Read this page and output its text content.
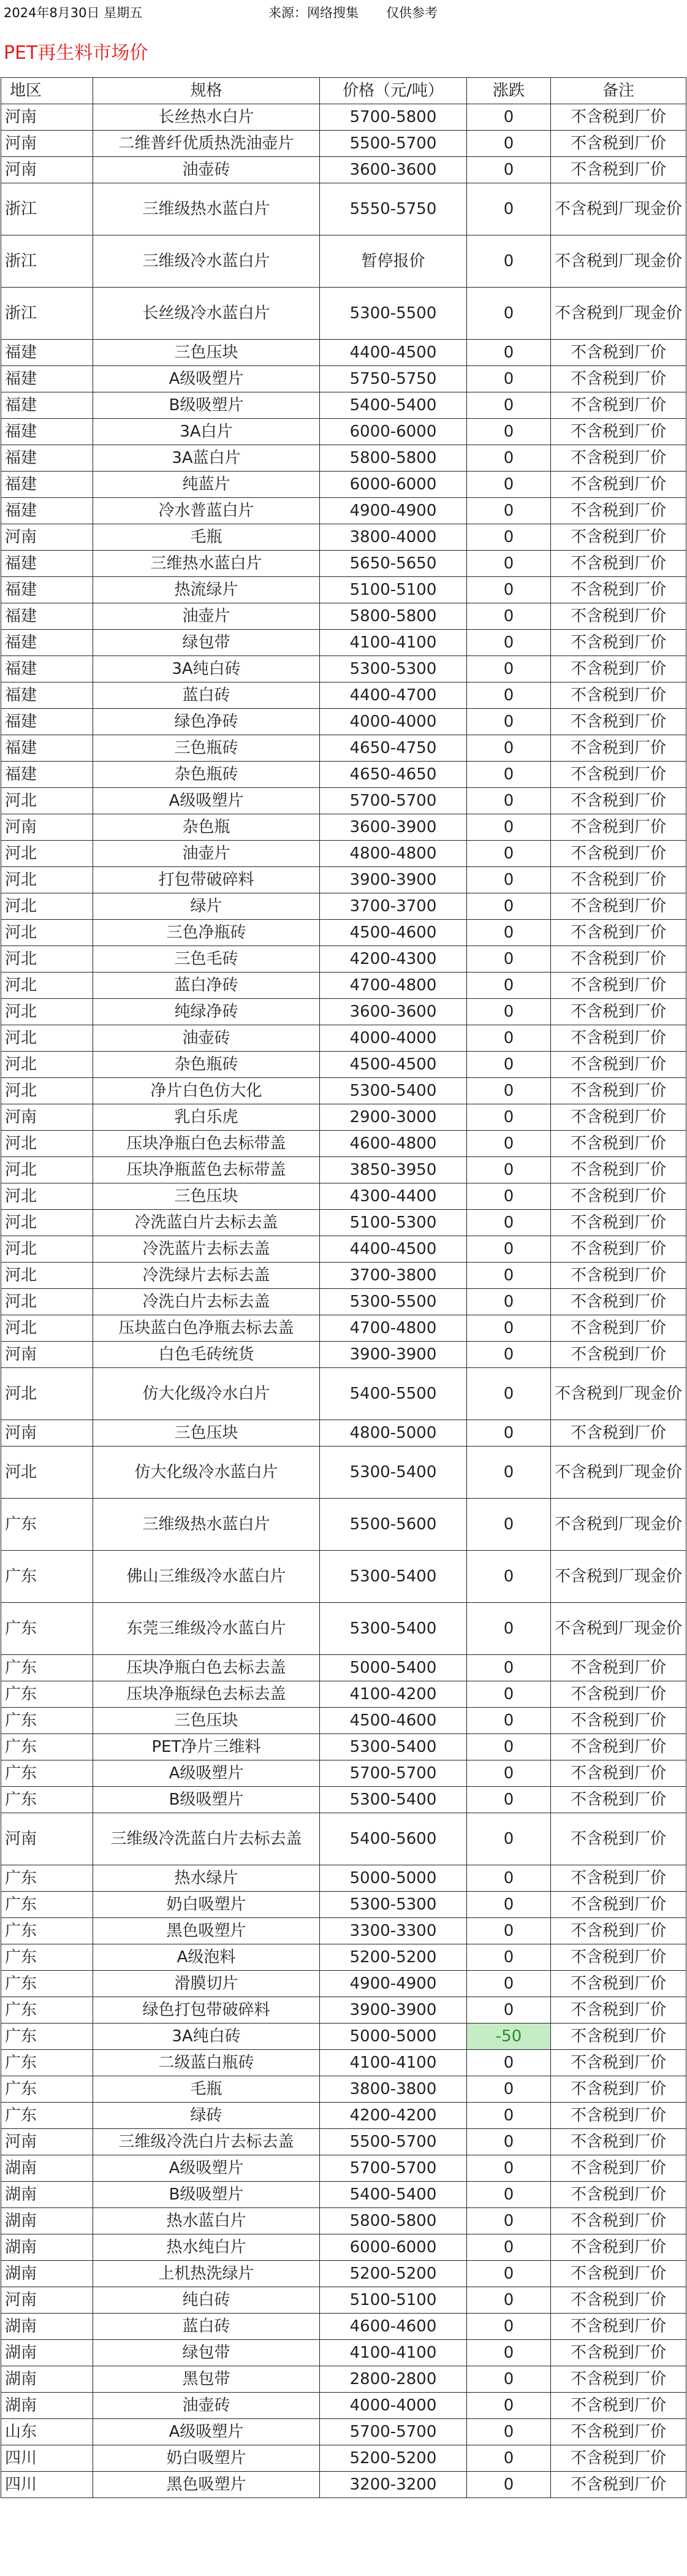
2024年8月30日 星期五	来源：网络搜集	仅供参考
PET再生料市场价
地区	规格	价格（元/吨）	涨跌	备注
河南	长丝热水白片	5700-5800	0	不含税到厂价
河南	二维普纤优质热洗油壶片	5500-5700	0	不含税到厂价
河南	油壶砖	3600-3600	0	不含税到厂价
浙江	三维级热水蓝白片	5550-5750	0	不含税到厂现金价
浙江	三维级冷水蓝白片	暂停报价	0	不含税到厂现金价
浙江	长丝级冷水蓝白片	5300-5500	0	不含税到厂现金价
福建	三色压块	4400-4500	0	不含税到厂价
福建	A级吸塑片	5750-5750	0	不含税到厂价
福建	B级吸塑片	5400-5400	0	不含税到厂价
福建	3A白片	6000-6000	0	不含税到厂价
福建	3A蓝白片	5800-5800	0	不含税到厂价
福建	纯蓝片	6000-6000	0	不含税到厂价
福建	冷水普蓝白片	4900-4900	0	不含税到厂价
河南	毛瓶	3800-4000	0	不含税到厂价
福建	三维热水蓝白片	5650-5650	0	不含税到厂价
福建	热流绿片	5100-5100	0	不含税到厂价
福建	油壶片	5800-5800	0	不含税到厂价
福建	绿包带	4100-4100	0	不含税到厂价
福建	3A纯白砖	5300-5300	0	不含税到厂价
福建	蓝白砖	4400-4700	0	不含税到厂价
福建	绿色净砖	4000-4000	0	不含税到厂价
福建	三色瓶砖	4650-4750	0	不含税到厂价
福建	杂色瓶砖	4650-4650	0	不含税到厂价
河北	A级吸塑片	5700-5700	0	不含税到厂价
河南	杂色瓶	3600-3900	0	不含税到厂价
河北	油壶片	4800-4800	0	不含税到厂价
河北	打包带破碎料	3900-3900	0	不含税到厂价
河北	绿片	3700-3700	0	不含税到厂价
河北	三色净瓶砖	4500-4600	0	不含税到厂价
河北	三色毛砖	4200-4300	0	不含税到厂价
河北	蓝白净砖	4700-4800	0	不含税到厂价
河北	纯绿净砖	3600-3600	0	不含税到厂价
河北	油壶砖	4000-4000	0	不含税到厂价
河北	杂色瓶砖	4500-4500	0	不含税到厂价
河北	净片白色仿大化	5300-5400	0	不含税到厂价
河南	乳白乐虎	2900-3000	0	不含税到厂价
河北	压块净瓶白色去标带盖	4600-4800	0	不含税到厂价
河北	压块净瓶蓝色去标带盖	3850-3950	0	不含税到厂价
河北	三色压块	4300-4400	0	不含税到厂价
河北	冷洗蓝白片去标去盖	5100-5300	0	不含税到厂价
河北	冷洗蓝片去标去盖	4400-4500	0	不含税到厂价
河北	冷洗绿片去标去盖	3700-3800	0	不含税到厂价
河北	冷洗白片去标去盖	5300-5500	0	不含税到厂价
河北	压块蓝白色净瓶去标去盖	4700-4800	0	不含税到厂价
河南	白色毛砖统货	3900-3900	0	不含税到厂价
河北	仿大化级冷水白片	5400-5500	0	不含税到厂现金价
河南	三色压块	4800-5000	0	不含税到厂价
河北	仿大化级冷水蓝白片	5300-5400	0	不含税到厂现金价
广东	三维级热水蓝白片	5500-5600	0	不含税到厂现金价
广东	佛山三维级冷水蓝白片	5300-5400	0	不含税到厂现金价
广东	东莞三维级冷水蓝白片	5300-5400	0	不含税到厂现金价
广东	压块净瓶白色去标去盖	5000-5400	0	不含税到厂价
广东	压块净瓶绿色去标去盖	4100-4200	0	不含税到厂价
广东	三色压块	4500-4600	0	不含税到厂价
广东	PET净片三维料	5300-5400	0	不含税到厂价
广东	A级吸塑片	5700-5700	0	不含税到厂价
广东	B级吸塑片	5300-5400	0	不含税到厂价
河南	三维级冷洗蓝白片去标去盖	5400-5600	0	不含税到厂价
广东	热水绿片	5000-5000	0	不含税到厂价
广东	奶白吸塑片	5300-5300	0	不含税到厂价
广东	黑色吸塑片	3300-3300	0	不含税到厂价
广东	A级泡料	5200-5200	0	不含税到厂价
广东	滑膜切片	4900-4900	0	不含税到厂价
广东	绿色打包带破碎料	3900-3900	0	不含税到厂价
广东	3A纯白砖	5000-5000	-50	不含税到厂价
广东	二级蓝白瓶砖	4100-4100	0	不含税到厂价
广东	毛瓶	3800-3800	0	不含税到厂价
广东	绿砖	4200-4200	0	不含税到厂价
河南	三维级冷洗白片去标去盖	5500-5700	0	不含税到厂价
湖南	A级吸塑片	5700-5700	0	不含税到厂价
湖南	B级吸塑片	5400-5400	0	不含税到厂价
湖南	热水蓝白片	5800-5800	0	不含税到厂价
湖南	热水纯白片	6000-6000	0	不含税到厂价
湖南	上机热洗绿片	5200-5200	0	不含税到厂价
河南	纯白砖	5100-5100	0	不含税到厂价
湖南	蓝白砖	4600-4600	0	不含税到厂价
湖南	绿包带	4100-4100	0	不含税到厂价
湖南	黑包带	2800-2800	0	不含税到厂价
湖南	油壶砖	4000-4000	0	不含税到厂价
山东	A级吸塑片	5700-5700	0	不含税到厂价
四川	奶白吸塑片	5200-5200	0	不含税到厂价
四川	黑色吸塑片	3200-3200	0	不含税到厂价
